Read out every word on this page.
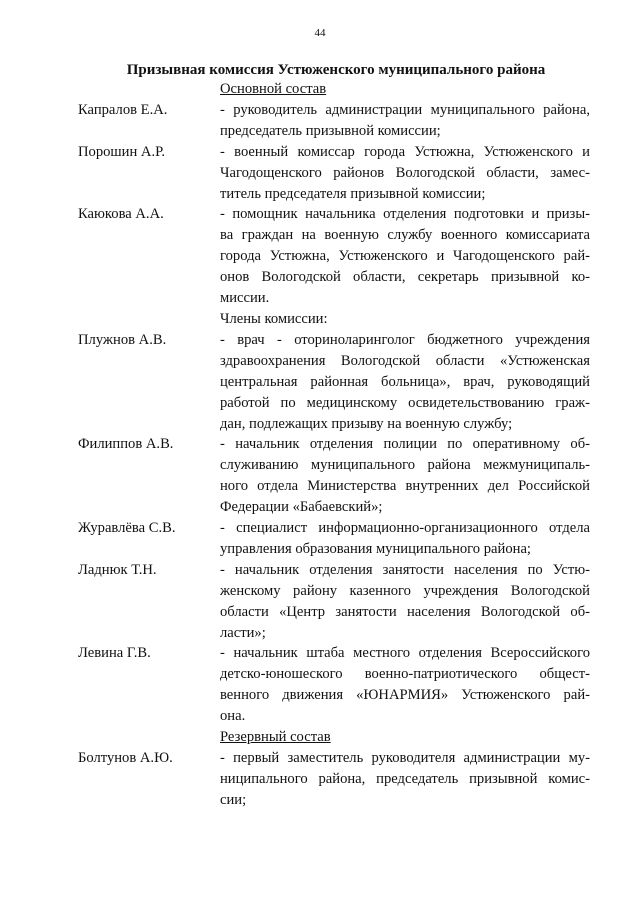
44
Призывная комиссия Устюженского муниципального района
Основной состав
Капралов Е.А.	- руководитель администрации муниципального района,
председатель призывной комиссии;
Порошин А.Р.	- военный комиссар города Устюжна, Устюженского и
Чагодощенского районов Вологодской области, замес-
титель председателя призывной комиссии;
Каюкова А.А.	- помощник начальника отделения подготовки и призы-
ва граждан на военную службу военного комиссариата
города Устюжна, Устюженского и Чагодощенского рай-
онов Вологодской области, секретарь призывной ко-
миссии.
Члены комиссии:
Плужнов А.В.	- врач - оториноларинголог бюджетного учреждения
здравоохранения Вологодской области «Устюженская
центральная районная больница», врач, руководящий
работой по медицинскому освидетельствованию граж-
дан, подлежащих призыву на военную службу;
Филиппов А.В.	- начальник отделения полиции по оперативному об-
служиванию муниципального района межмуниципаль-
ного отдела Министерства внутренних дел Российской
Федерации «Бабаевский»;
Журавлёва С.В.	- специалист информационно-организационного отдела
управления образования муниципального района;
Ладнюк Т.Н.	- начальник отделения занятости населения по Устю-
женскому району казенного учреждения Вологодской
области «Центр занятости населения Вологодской об-
ласти»;
Левина Г.В.	- начальник штаба местного отделения Всероссийского
детско-юношеского военно-патриотического общест-
венного движения «ЮНАРМИЯ» Устюженского рай-
она.
Резервный состав
Болтунов А.Ю.	- первый заместитель руководителя администрации му-
ниципального района, председатель призывной комис-
сии;
